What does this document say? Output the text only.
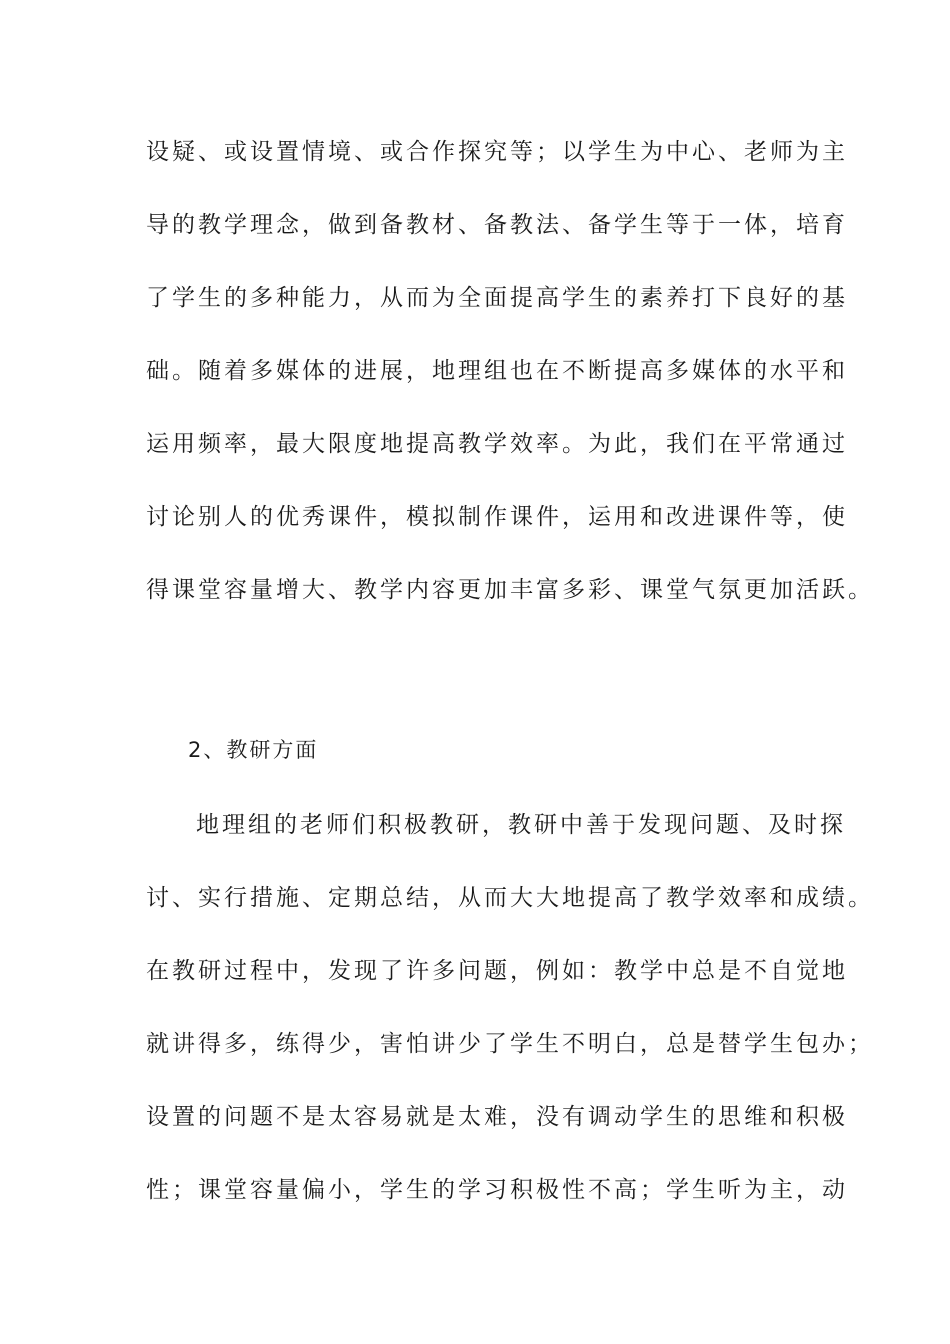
设疑、或设置情境、或合作探究等；以学生为中心、老师为主
导的教学理念，做到备教材、备教法、备学生等于一体，培育
了学生的多种能力，从而为全面提高学生的素养打下良好的基
础。随着多媒体的进展，地理组也在不断提高多媒体的水平和
运用频率，最大限度地提高教学效率。为此，我们在平常通过
讨论别人的优秀课件，模拟制作课件，运用和改进课件等，使
得课堂容量增大、教学内容更加丰富多彩、课堂气氛更加活跃。
2、教研方面
地理组的老师们积极教研，教研中善于发现问题、及时探
讨、实行措施、定期总结，从而大大地提高了教学效率和成绩。
在教研过程中，发现了许多问题，例如：教学中总是不自觉地
就讲得多，练得少，害怕讲少了学生不明白，总是替学生包办；
设置的问题不是太容易就是太难，没有调动学生的思维和积极
性；课堂容量偏小，学生的学习积极性不高；学生听为主，动
